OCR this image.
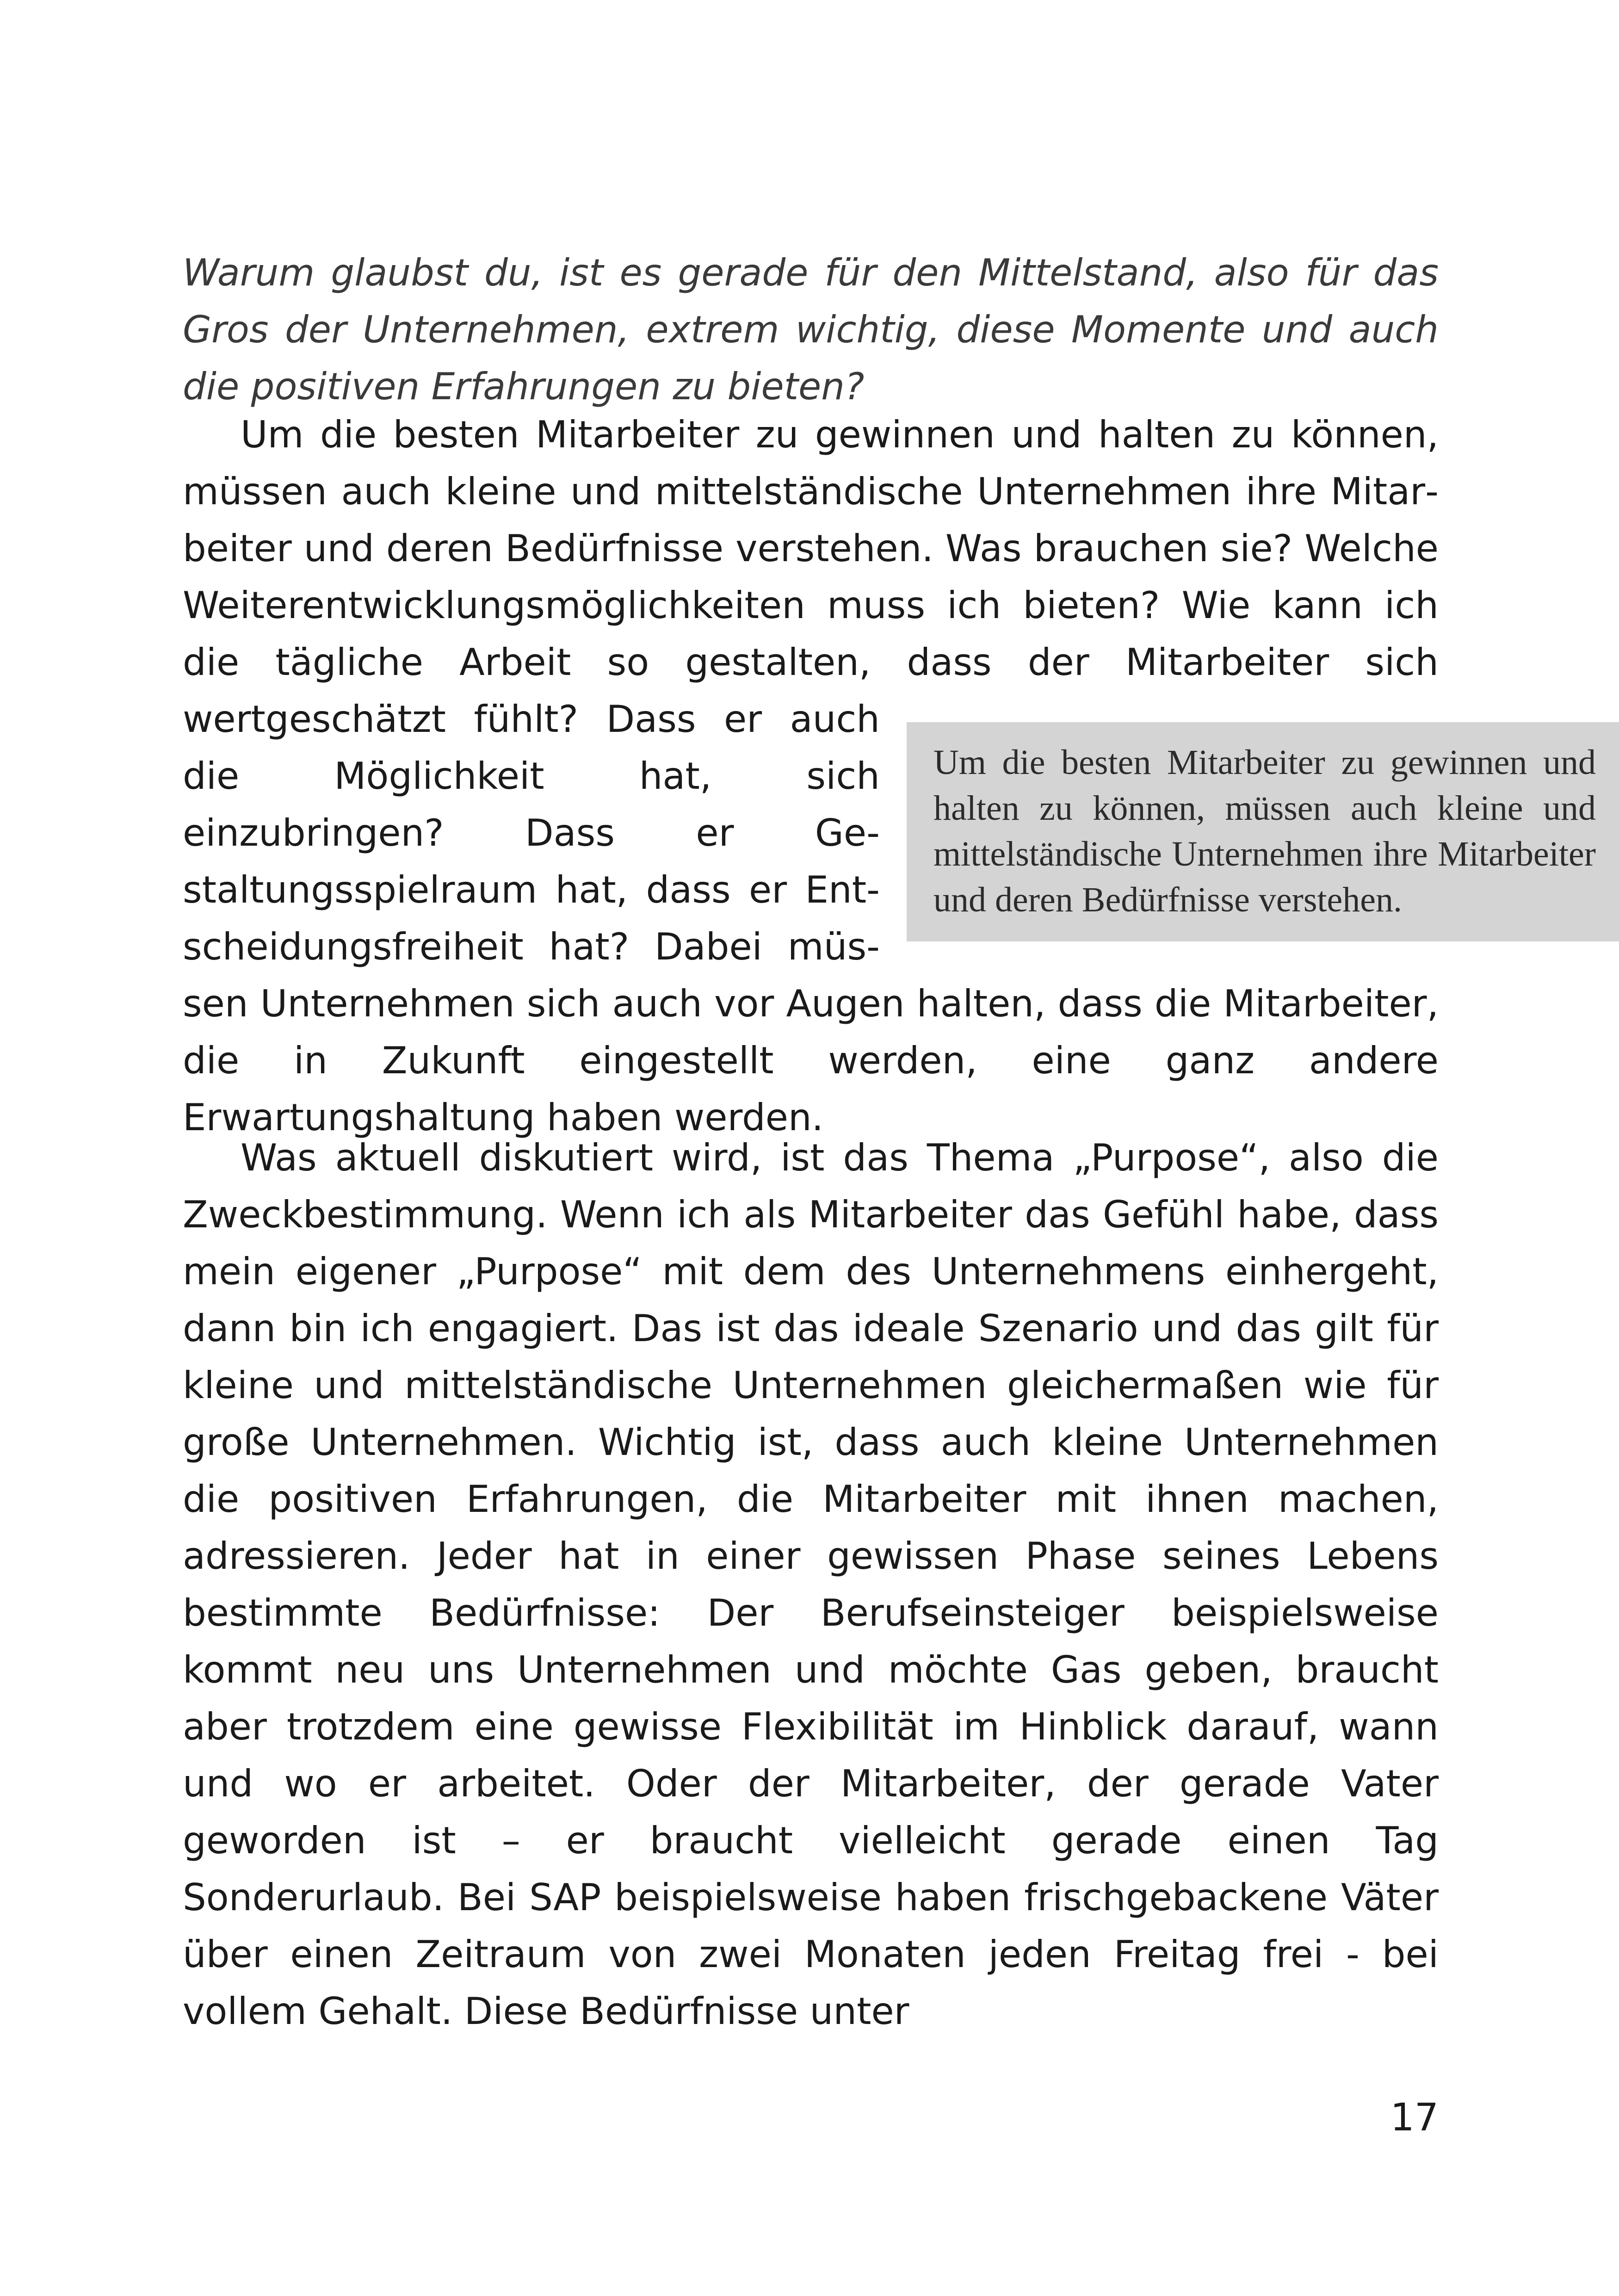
Warum glaubst du, ist es gerade für den Mittelstand, also für das Gros der Unternehmen, extrem wichtig, diese Momente und auch die positiven Erfahrungen zu bieten?

Um die besten Mitarbeiter zu gewinnen und halten zu können, müssen auch kleine und mittelständische Unternehmen ihre Mitarbeiter und deren Bedürfnisse verstehen. Was brauchen sie? Welche Weiterentwicklungsmöglichkeiten muss ich bieten? Wie kann ich die tägliche Arbeit so gestalten, dass der Mitarbeiter sich wertgeschätzt
Um die besten Mitarbeiter zu gewinnen und halten zu können, müssen auch kleine und mittelständische Unternehmen ihre Mitarbeiter und deren Bedürfnisse verstehen.
fühlt? Dass er auch die Möglichkeit hat, sich einzubringen? Dass er Gestaltungsspielraum hat, dass er Entscheidungsfreiheit hat? Dabei müssen Unternehmen sich auch vor Augen halten, dass die Mitarbeiter, die in Zukunft eingestellt werden, eine ganz andere Erwartungshaltung haben werden.

Was aktuell diskutiert wird, ist das Thema „Purpose“, also die Zweckbestimmung. Wenn ich als Mitarbeiter das Gefühl habe, dass mein eigener „Purpose“ mit dem des Unternehmens einhergeht, dann bin ich engagiert. Das ist das ideale Szenario und das gilt für kleine und mittelständische Unternehmen gleichermaßen wie für große Unternehmen. Wichtig ist, dass auch kleine Unternehmen die positiven Erfahrungen, die Mitarbeiter mit ihnen machen, adressieren. Jeder hat in einer gewissen Phase seines Lebens bestimmte Bedürfnisse: Der Berufseinsteiger beispielsweise kommt neu uns Unternehmen und möchte Gas geben, braucht aber trotzdem eine gewisse Flexibilität im Hinblick darauf, wann und wo er arbeitet. Oder der Mitarbeiter, der gerade Vater geworden ist – er braucht vielleicht gerade einen Tag Sonderurlaub. Bei SAP beispielsweise haben frischgebackene Väter über einen Zeitraum von zwei Monaten jeden Freitag frei - bei vollem Gehalt. Diese Bedürfnisse unter

17
